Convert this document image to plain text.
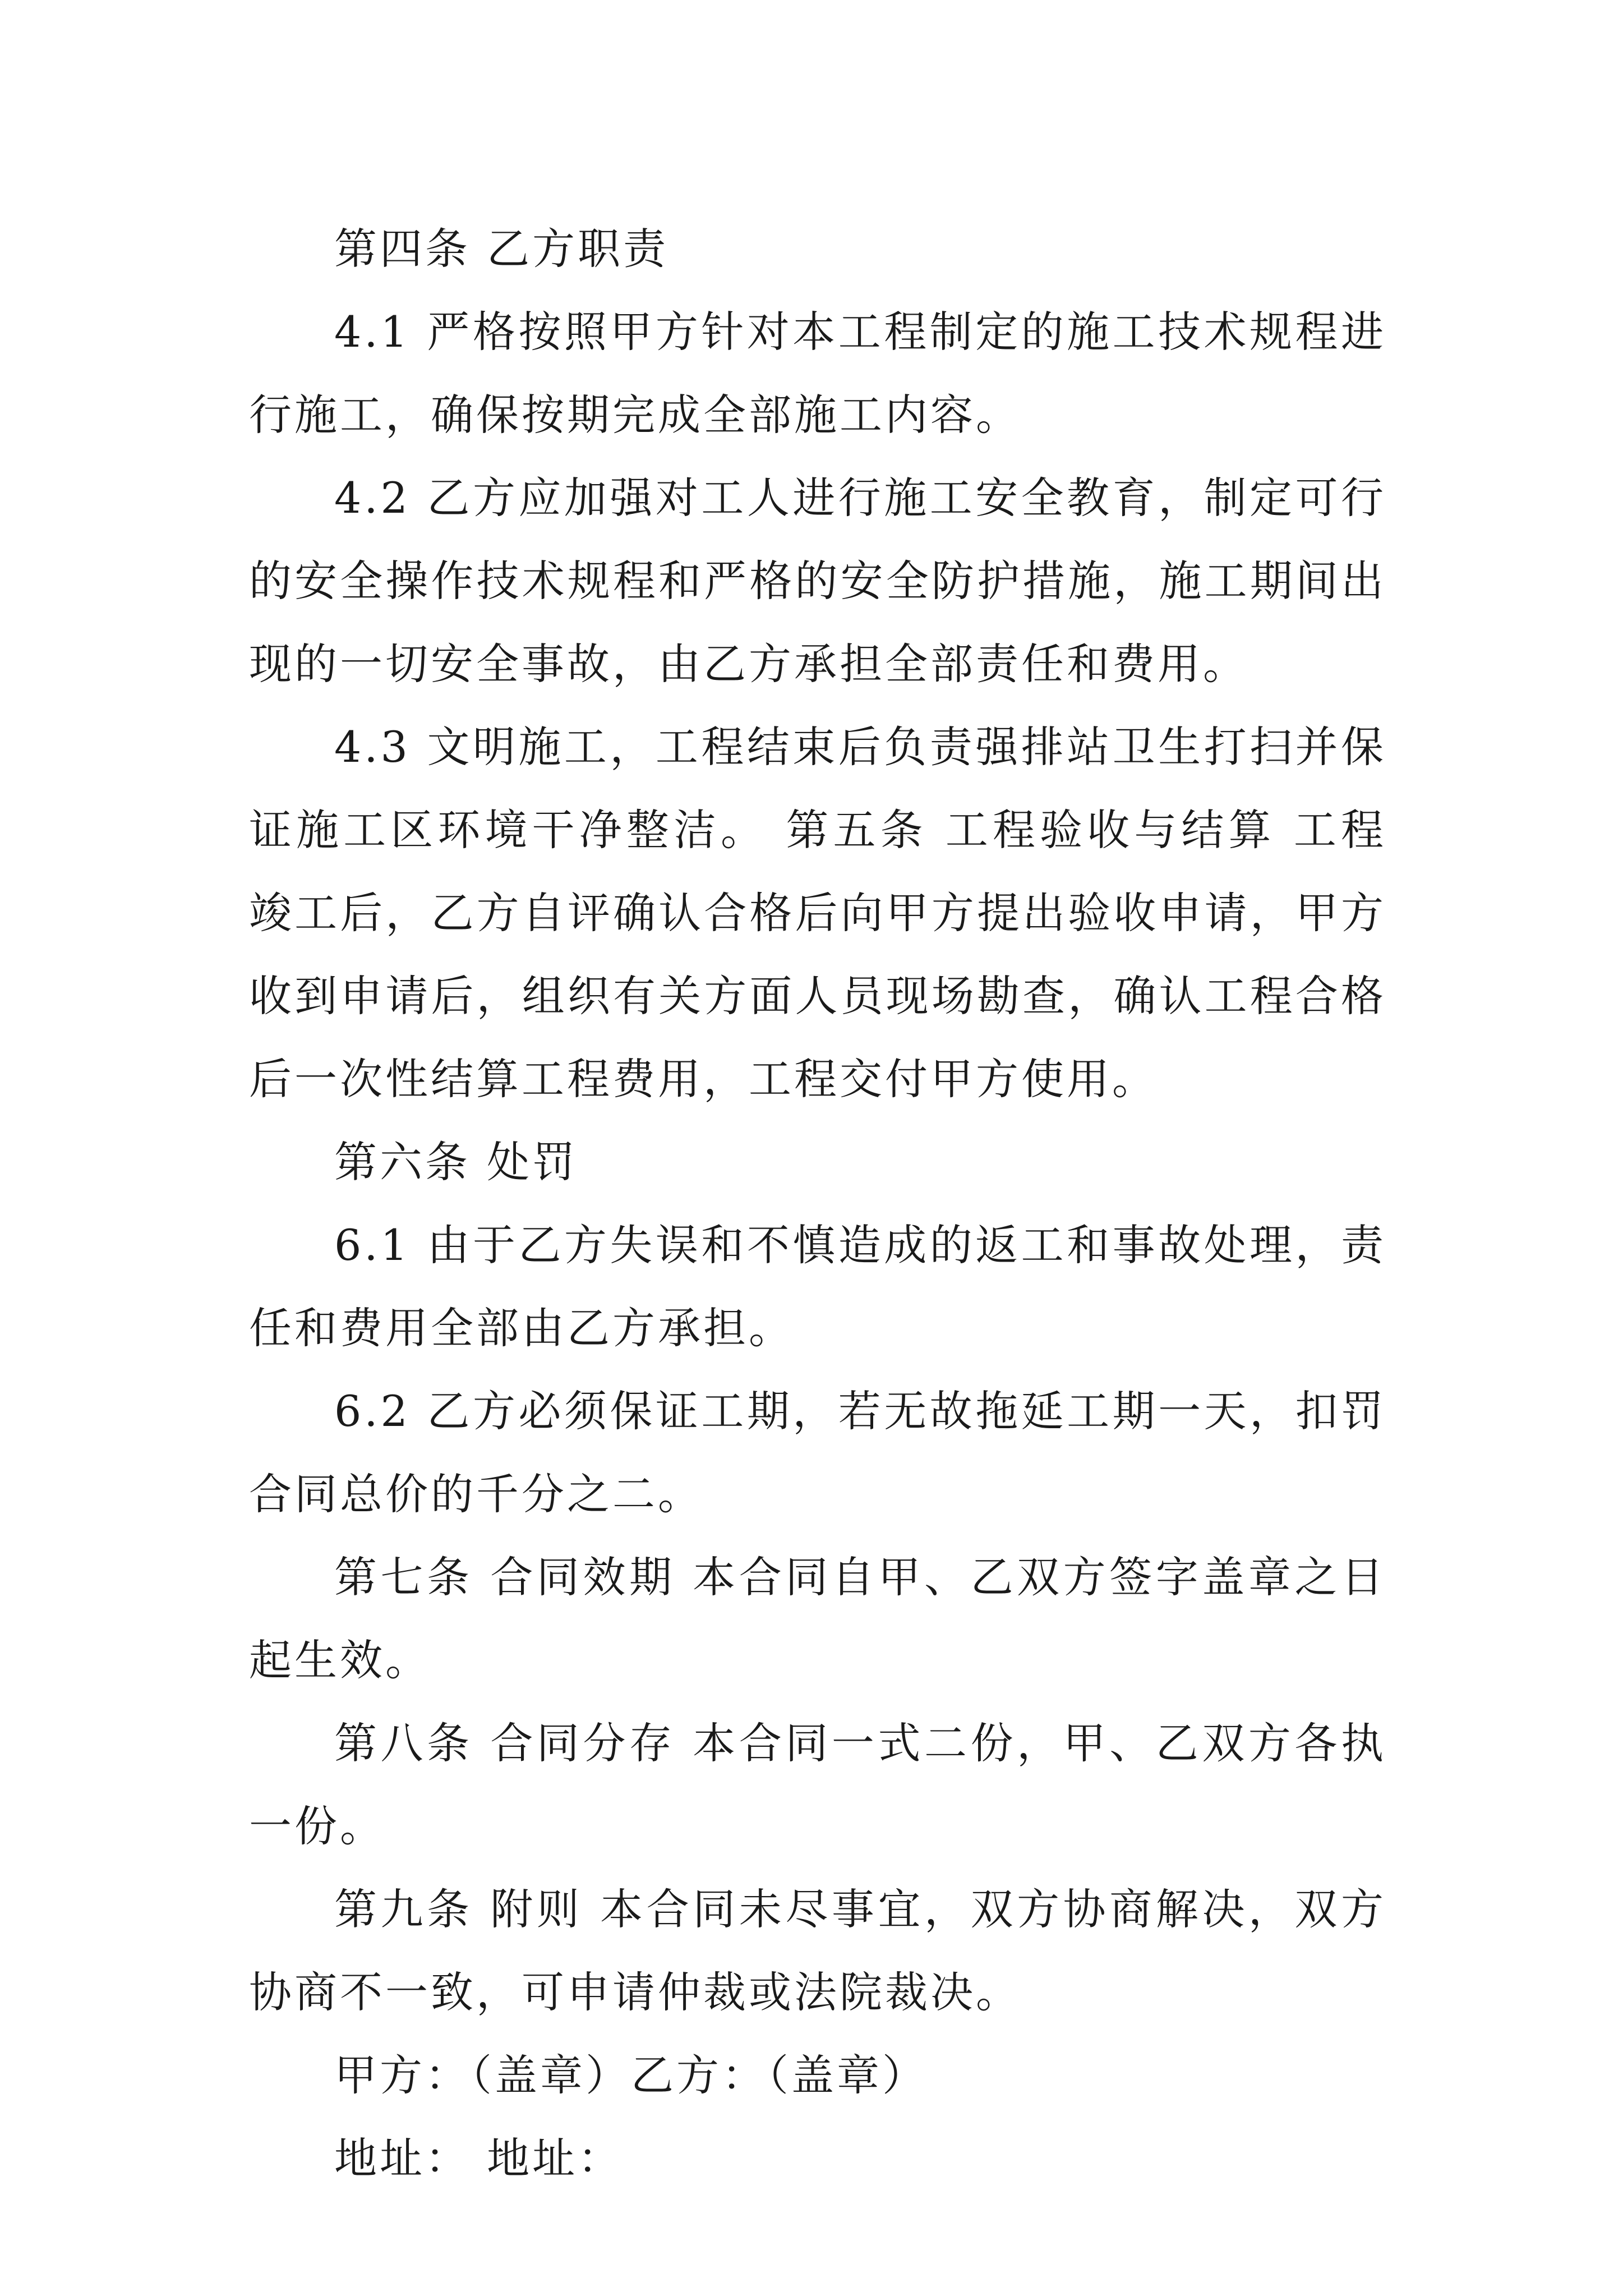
第四条 乙方职责

4.1 严格按照甲方针对本工程制定的施工技术规程进行施工，确保按期完成全部施工内容。

4.2 乙方应加强对工人进行施工安全教育，制定可行的安全操作技术规程和严格的安全防护措施，施工期间出现的一切安全事故，由乙方承担全部责任和费用。

4.3 文明施工，工程结束后负责强排站卫生打扫并保证施工区环境干净整洁。 第五条 工程验收与结算 工程竣工后，乙方自评确认合格后向甲方提出验收申请，甲方收到申请后，组织有关方面人员现场勘查，确认工程合格后一次性结算工程费用，工程交付甲方使用。

第六条 处罚

6.1 由于乙方失误和不慎造成的返工和事故处理，责任和费用全部由乙方承担。

6.2 乙方必须保证工期，若无故拖延工期一天，扣罚合同总价的千分之二。

第七条 合同效期 本合同自甲、乙双方签字盖章之日起生效。

第八条 合同分存 本合同一式二份，甲、乙双方各执一份。

第九条 附则 本合同未尽事宜，双方协商解决，双方协商不一致，可申请仲裁或法院裁决。

甲方：（盖章）乙方：（盖章）

地址： 地址：
